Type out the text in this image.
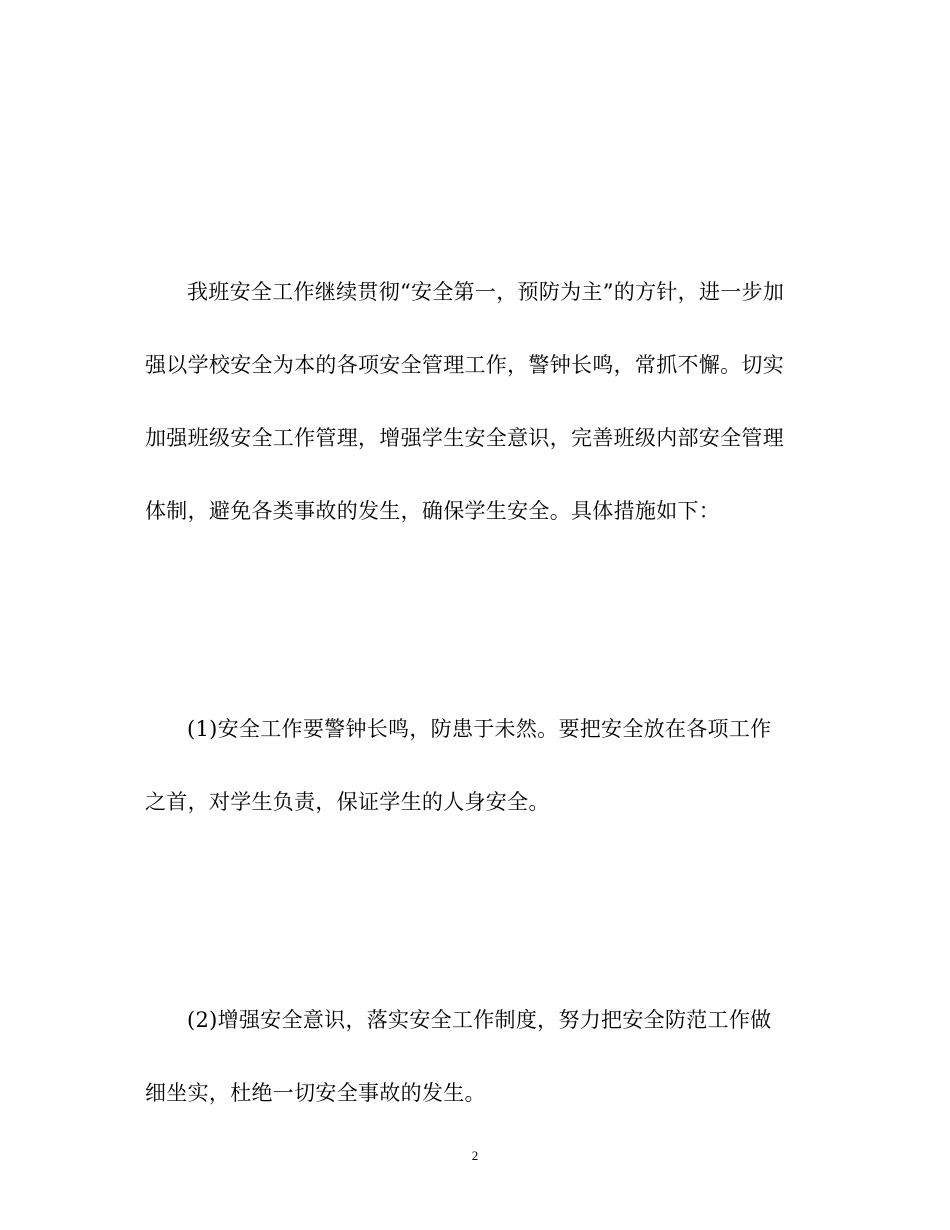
我班安全工作继续贯彻“安全第一，预防为主”的方针，进一步加
强以学校安全为本的各项安全管理工作，警钟长鸣，常抓不懈。切实
加强班级安全工作管理，增强学生安全意识，完善班级内部安全管理
体制，避免各类事故的发生，确保学生安全。具体措施如下：
(1)安全工作要警钟长鸣，防患于未然。要把安全放在各项工作
之首，对学生负责，保证学生的人身安全。
(2)增强安全意识，落实安全工作制度，努力把安全防范工作做
细坐实，杜绝一切安全事故的发生。
2
